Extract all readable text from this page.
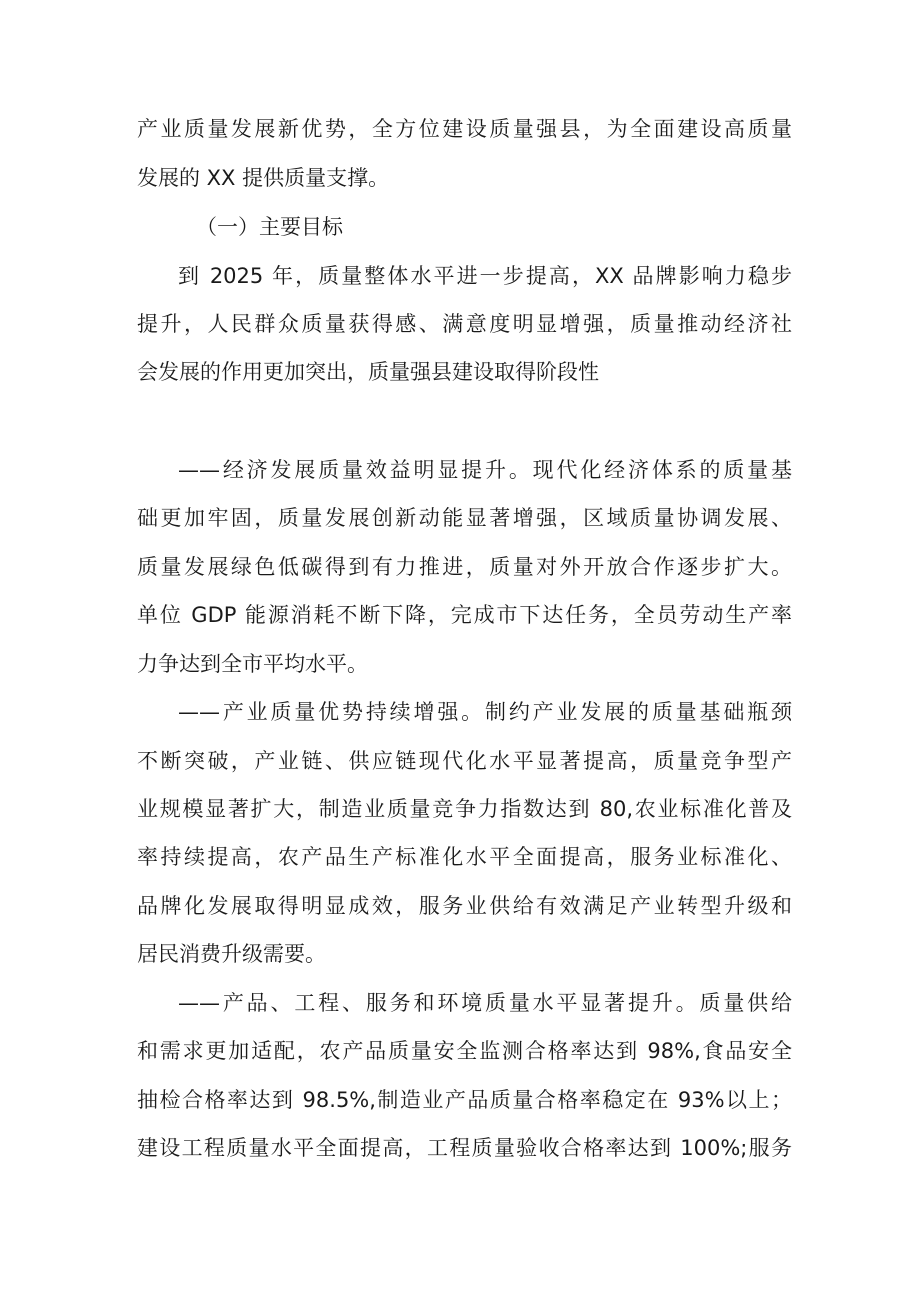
产业质量发展新优势，全方位建设质量强县，为全面建设高质量
发展的 XX 提供质量支撑。
（一）主要目标
到 2025 年，质量整体水平进一步提高，XX 品牌影响力稳步
提升，人民群众质量获得感、满意度明显增强，质量推动经济社
会发展的作用更加突出，质量强县建设取得阶段性
——经济发展质量效益明显提升。现代化经济体系的质量基
础更加牢固，质量发展创新动能显著增强，区域质量协调发展、
质量发展绿色低碳得到有力推进，质量对外开放合作逐步扩大。
单位 GDP 能源消耗不断下降，完成市下达任务，全员劳动生产率
力争达到全市平均水平。
——产业质量优势持续增强。制约产业发展的质量基础瓶颈
不断突破，产业链、供应链现代化水平显著提高，质量竞争型产
业规模显著扩大，制造业质量竞争力指数达到 80,农业标准化普及
率持续提高，农产品生产标准化水平全面提高，服务业标准化、
品牌化发展取得明显成效，服务业供给有效满足产业转型升级和
居民消费升级需要。
——产品、工程、服务和环境质量水平显著提升。质量供给
和需求更加适配，农产品质量安全监测合格率达到 98%,食品安全
抽检合格率达到 98.5%,制造业产品质量合格率稳定在 93%以上；
建设工程质量水平全面提高，工程质量验收合格率达到 100%;服务
